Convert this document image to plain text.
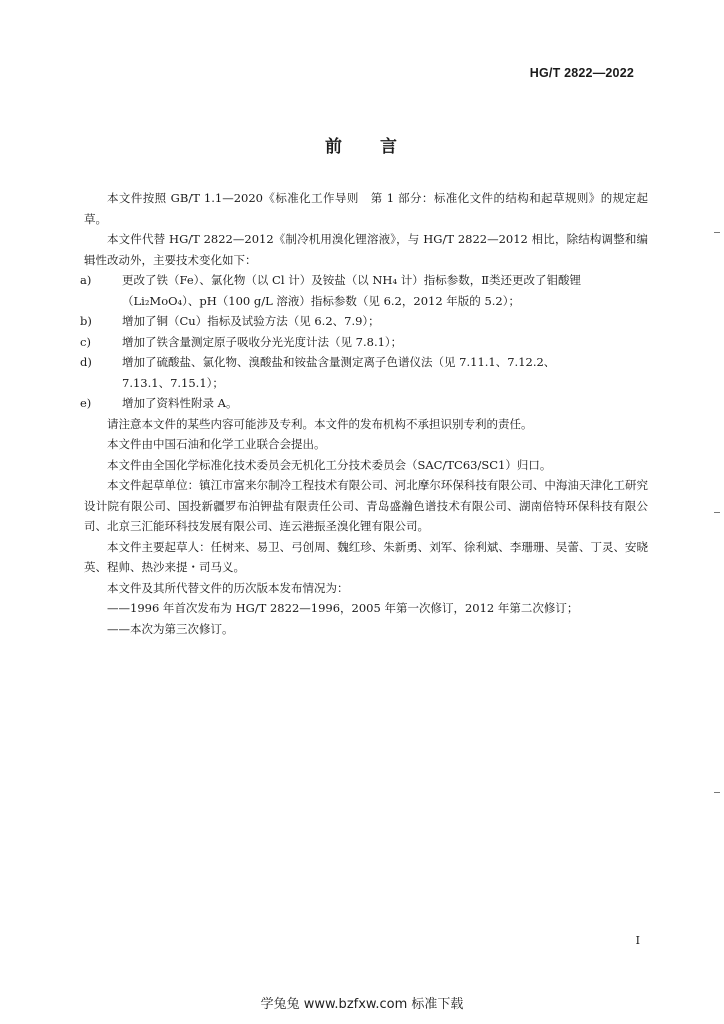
HG/T 2822—2022
前 言
本文件按照 GB/T 1.1—2020《标准化工作导则　第 1 部分：标准化文件的结构和起草规则》的规定起草。
本文件代替 HG/T 2822—2012《制冷机用溴化锂溶液》，与 HG/T 2822—2012 相比，除结构调整和编辑性改动外，主要技术变化如下：
a)	更改了铁（Fe）、氯化物（以 Cl 计）及铵盐（以 NH₄ 计）指标参数，Ⅱ类还更改了钼酸锂
（Li₂MoO₄）、pH（100 g/L 溶液）指标参数（见 6.2，2012 年版的 5.2）；
b)	增加了铜（Cu）指标及试验方法（见 6.2、7.9）；
c)	增加了铁含量测定原子吸收分光光度计法（见 7.8.1）；
d)	增加了硫酸盐、氯化物、溴酸盐和铵盐含量测定离子色谱仪法（见 7.11.1、7.12.2、
7.13.1、7.15.1）；
e)	增加了资料性附录 A。
请注意本文件的某些内容可能涉及专利。本文件的发布机构不承担识别专利的责任。
本文件由中国石油和化学工业联合会提出。
本文件由全国化学标准化技术委员会无机化工分技术委员会（SAC/TC63/SC1）归口。
本文件起草单位：镇江市富来尔制冷工程技术有限公司、河北摩尔环保科技有限公司、中海油天津化工研究设计院有限公司、国投新疆罗布泊钾盐有限责任公司、青岛盛瀚色谱技术有限公司、湖南倍特环保科技有限公司、北京三汇能环科技发展有限公司、连云港振圣溴化锂有限公司。
本文件主要起草人：任树来、易卫、弓创周、魏红珍、朱新勇、刘军、徐利斌、李珊珊、吴蕾、丁灵、安晓英、程帅、热沙来提・司马义。
本文件及其所代替文件的历次版本发布情况为：
——1996 年首次发布为 HG/T 2822—1996，2005 年第一次修订，2012 年第二次修订；
——本次为第三次修订。
I
学兔兔 www.bzfxw.com 标准下载
